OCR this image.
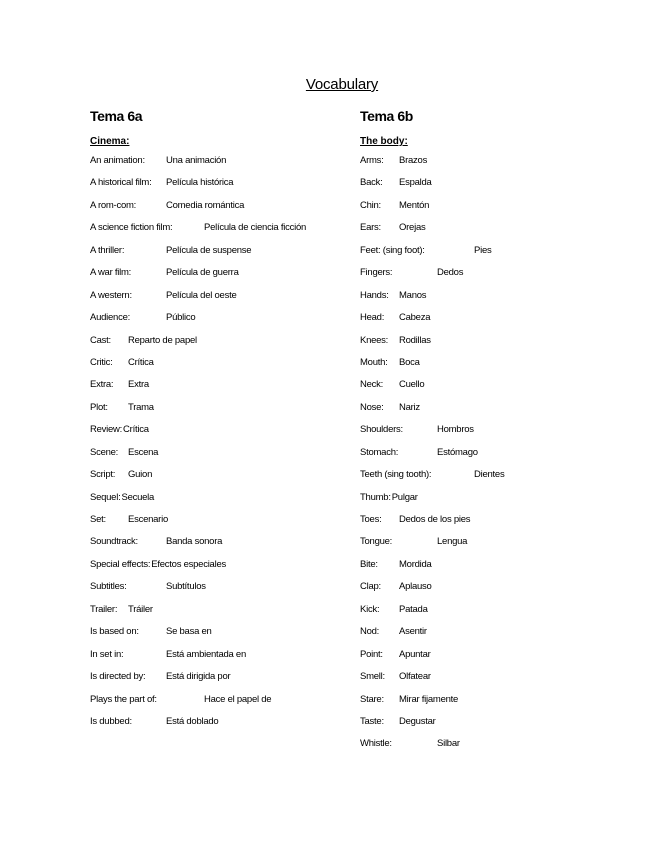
Vocabulary
Tema 6a
Cinema:
An animation: Una animación
A historical film: Película histórica
A rom-com:	Comedia romántica
A science fiction film:	Película de ciencia ficción
A thriller:	Película de suspense
A war film:	Película de guerra
A western:	Película del oeste
Audience:	Público
Cast: Reparto de papel
Critic: Crítica
Extra: Extra
Plot: Trama
Review:Crítica
Scene: Escena
Script: Guion
Sequel:Secuela
Set: Escenario
Soundtrack:	Banda sonora
Special effects:Efectos especiales
Subtitles:	Subtítulos
Trailer: Tráiler
Is based on:	Se basa en
In set in:	Está ambientada en
Is directed by: Está dirigida por
Plays the part of:	Hace el papel de
Is dubbed:	Está doblado
Tema 6b
The body:
Arms: Brazos
Back: Espalda
Chin: Mentón
Ears: Orejas
Feet: (sing foot):	Pies
Fingers:	Dedos
Hands: Manos
Head: Cabeza
Knees: Rodillas
Mouth: Boca
Neck: Cuello
Nose: Nariz
Shoulders:	Hombros
Stomach:	Estómago
Teeth (sing tooth):	Dientes
Thumb:Pulgar
Toes: Dedos de los pies
Tongue:	Lengua
Bite: Mordida
Clap: Aplauso
Kick: Patada
Nod: Asentir
Point: Apuntar
Smell: Olfatear
Stare: Mirar fijamente
Taste: Degustar
Whistle:	Silbar
